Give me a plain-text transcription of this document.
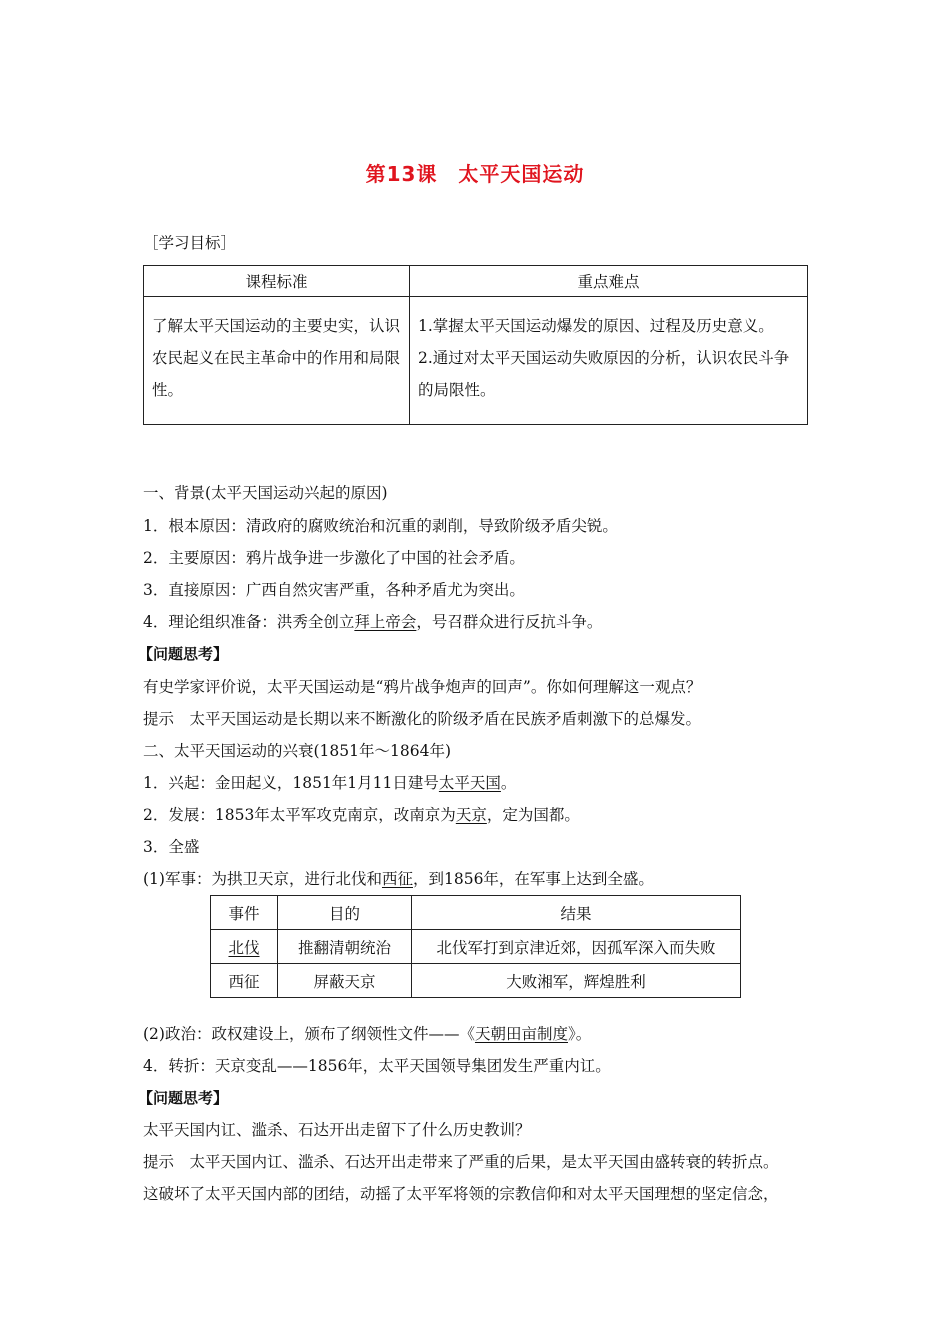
第13课　太平天国运动
［学习目标］
课程标准	重点难点
了解太平天国运动的主要史实，认识农民起义在民主革命中的作用和局限性。	1.掌握太平天国运动爆发的原因、过程及历史意义。
2.通过对太平天国运动失败原因的分析，认识农民斗争的局限性。
一、背景(太平天国运动兴起的原因)
1．根本原因：清政府的腐败统治和沉重的剥削，导致阶级矛盾尖锐。
2．主要原因：鸦片战争进一步激化了中国的社会矛盾。
3．直接原因：广西自然灾害严重，各种矛盾尤为突出。
4．理论组织准备：洪秀全创立拜上帝会，号召群众进行反抗斗争。
【问题思考】
有史学家评价说，太平天国运动是“鸦片战争炮声的回声”。你如何理解这一观点？
提示　太平天国运动是长期以来不断激化的阶级矛盾在民族矛盾刺激下的总爆发。
二、太平天国运动的兴衰(1851年～1864年)
1．兴起：金田起义，1851年1月11日建号太平天国。
2．发展：1853年太平军攻克南京，改南京为天京，定为国都。
3．全盛
(1)军事：为拱卫天京，进行北伐和西征，到1856年，在军事上达到全盛。
事件	目的	结果
北伐	推翻清朝统治	北伐军打到京津近郊，因孤军深入而失败
西征	屏蔽天京	大败湘军，辉煌胜利
(2)政治：政权建设上，颁布了纲领性文件——《天朝田亩制度》。
4．转折：天京变乱——1856年，太平天国领导集团发生严重内讧。
【问题思考】
太平天国内讧、滥杀、石达开出走留下了什么历史教训？
提示　太平天国内讧、滥杀、石达开出走带来了严重的后果，是太平天国由盛转衰的转折点。
这破坏了太平天国内部的团结，动摇了太平军将领的宗教信仰和对太平天国理想的坚定信念，
